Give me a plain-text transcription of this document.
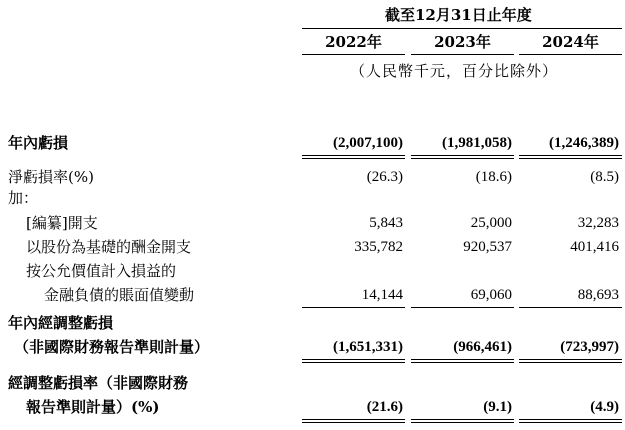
截至12月31日止年度
2022年	2023年	2024年
（人民幣千元，百分比除外）
年內虧損	(2,007,100)	(1,981,058) (1,246,389)
淨虧損率(%)	(26.3)	(18.6)	(8.5)
加：
[編纂]開支	5,843	25,000	32,283
以股份為基礎的酬金開支	335,782	920,537	401,416
按公允價值計入損益的
金融負債的賬面值變動	14,144	69,060	88,693
年內經調整虧損
（非國際財務報告準則計量）	(1,651,331)	(966,461)	(723,997)
經調整虧損率（非國際財務
報告準則計量）(%)	(21.6)	(9.1)	(4.9)
